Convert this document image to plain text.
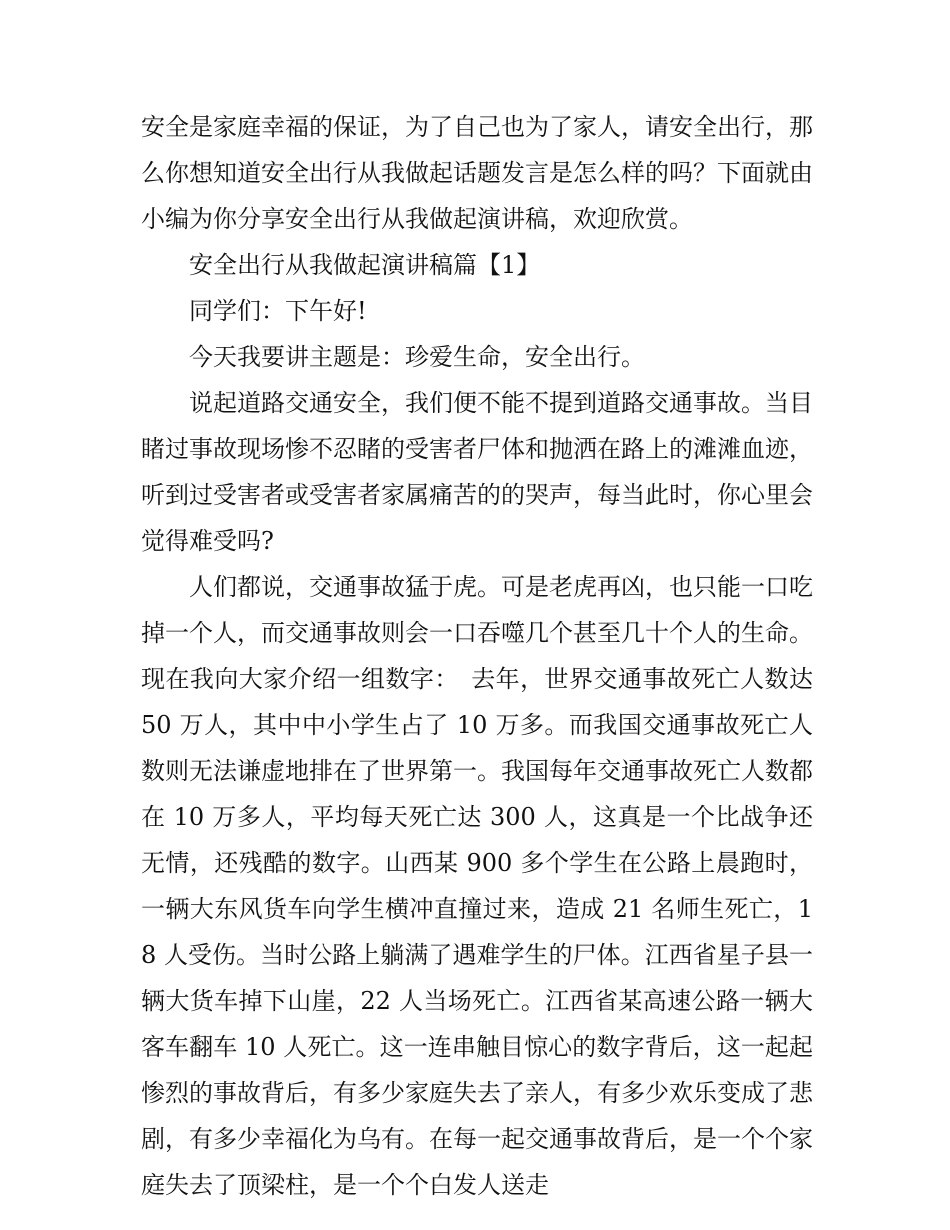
安全是家庭幸福的保证，为了自己也为了家人，请安全出行，那么你想知道安全出行从我做起话题发言是怎么样的吗？下面就由小编为你分享安全出行从我做起演讲稿，欢迎欣赏。

安全出行从我做起演讲稿篇【1】

同学们：下午好!

今天我要讲主题是：珍爱生命，安全出行。

说起道路交通安全，我们便不能不提到道路交通事故。当目睹过事故现场惨不忍睹的受害者尸体和抛洒在路上的滩滩血迹，听到过受害者或受害者家属痛苦的的哭声，每当此时，你心里会觉得难受吗?

人们都说，交通事故猛于虎。可是老虎再凶，也只能一口吃掉一个人，而交通事故则会一口吞噬几个甚至几十个人的生命。现在我向大家介绍一组数字：　去年，世界交通事故死亡人数达 50 万人，其中中小学生占了 10 万多。而我国交通事故死亡人数则无法谦虚地排在了世界第一。我国每年交通事故死亡人数都在 10 万多人，平均每天死亡达 300 人，这真是一个比战争还无情，还残酷的数字。山西某 900 多个学生在公路上晨跑时，一辆大东风货车向学生横冲直撞过来，造成 21 名师生死亡，18 人受伤。当时公路上躺满了遇难学生的尸体。江西省星子县一辆大货车掉下山崖，22 人当场死亡。江西省某高速公路一辆大客车翻车 10 人死亡。这一连串触目惊心的数字背后，这一起起惨烈的事故背后，有多少家庭失去了亲人，有多少欢乐变成了悲剧，有多少幸福化为乌有。在每一起交通事故背后，是一个个家庭失去了顶梁柱，是一个个白发人送走
